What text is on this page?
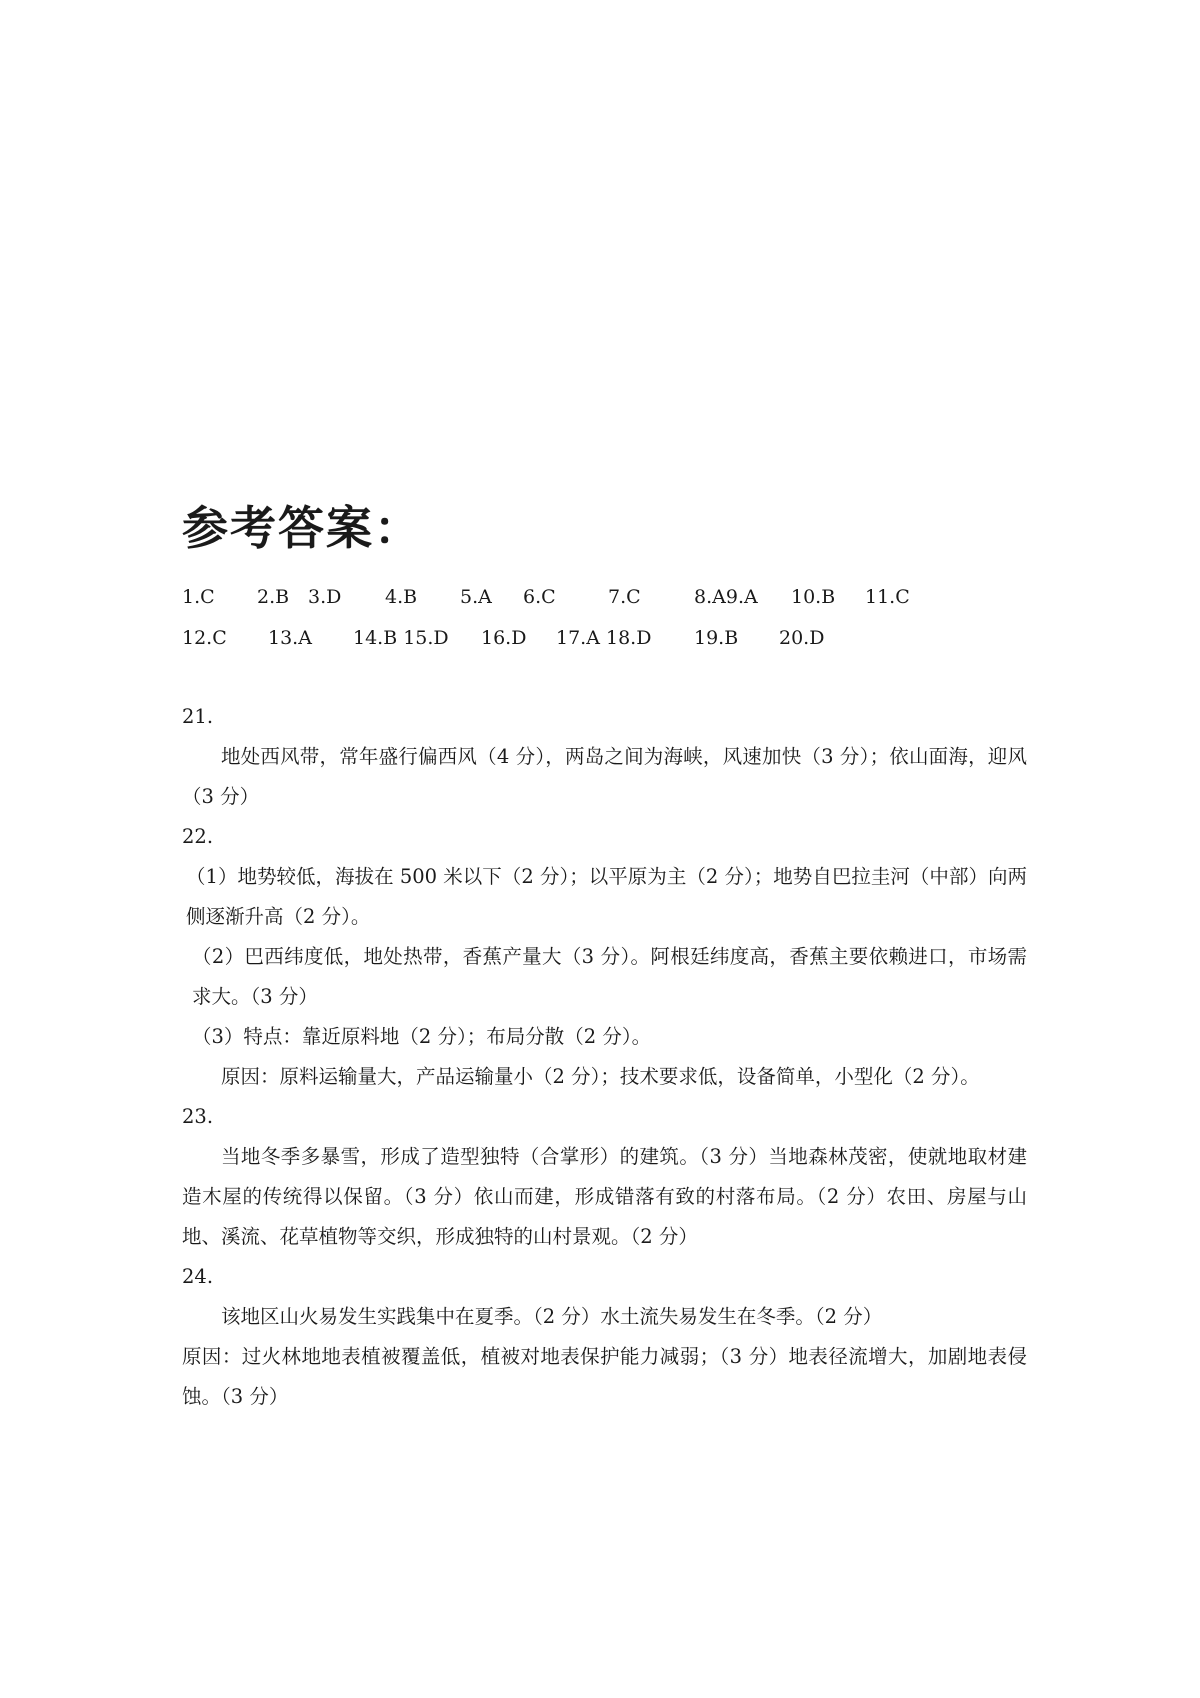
参考答案：
1.C 2.B 3.D 4.B 5.A 6.C	7.C	8.A9.A 10.B 11.C
12.C 13.A 14.B 15.D 16.D 17.A 18.D 19.B 20.D

21.

地处西风带，常年盛行偏西风（4 分），两岛之间为海峡，风速加快（3 分）；依山面海，迎风（3 分）

22.

（1）地势较低，海拔在 500 米以下（2 分）；以平原为主（2 分）；地势自巴拉圭河（中部）向两侧逐渐升高（2 分）。

（2）巴西纬度低，地处热带，香蕉产量大（3 分）。阿根廷纬度高，香蕉主要依赖进口，市场需求大。（3 分）

（3）特点：靠近原料地（2 分）；布局分散（2 分）。

原因：原料运输量大，产品运输量小（2 分）；技术要求低，设备简单，小型化（2 分）。

23.

当地冬季多暴雪，形成了造型独特（合掌形）的建筑。（3 分）当地森林茂密，使就地取材建造木屋的传统得以保留。（3 分）依山而建，形成错落有致的村落布局。（2 分）农田、房屋与山地、溪流、花草植物等交织，形成独特的山村景观。（2 分）

24.

该地区山火易发生实践集中在夏季。（2 分）水土流失易发生在冬季。（2 分）

原因：过火林地地表植被覆盖低，植被对地表保护能力减弱；（3 分）地表径流增大，加剧地表侵蚀。（3 分）
